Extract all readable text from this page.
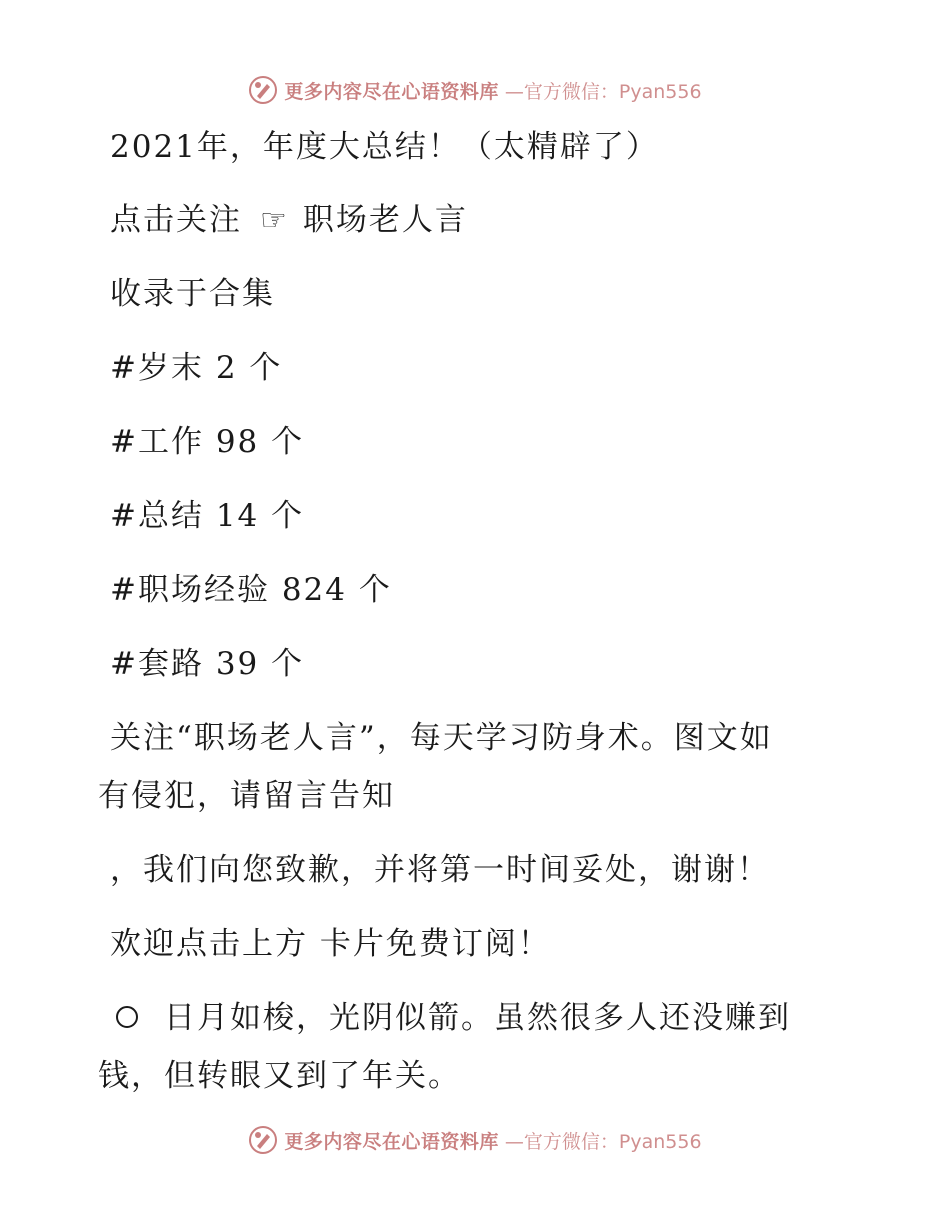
更多内容尽在心语资料库 —官方微信：Pyan556
2021年，年度大总结！（太精辟了）
点击关注 ☞ 职场老人言
收录于合集
#岁末 2 个
#工作 98 个
#总结 14 个
#职场经验 824 个
#套路 39 个
关注“职场老人言”，每天学习防身术。图文如
有侵犯，请留言告知
，我们向您致歉，并将第一时间妥处，谢谢！
欢迎点击上方 卡片免费订阅！
日月如梭，光阴似箭。虽然很多人还没赚到
钱，但转眼又到了年关。
更多内容尽在心语资料库 —官方微信：Pyan556
